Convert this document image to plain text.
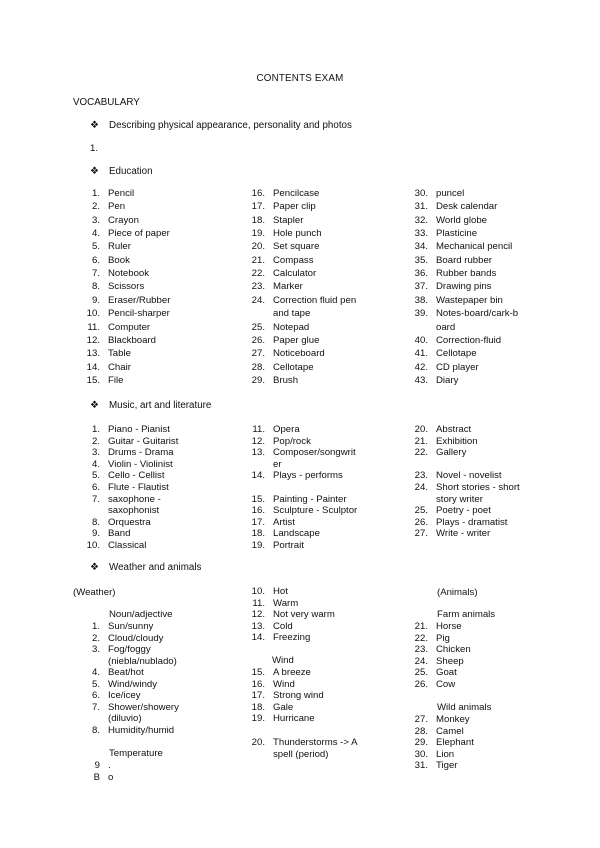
CONTENTS EXAM
VOCABULARY
❖ Describing physical appearance, personality and photos
1.
❖ Education
1. Pencil
2. Pen
3. Crayon
4. Piece of paper
5. Ruler
6. Book
7. Notebook
8. Scissors
9. Eraser/Rubber
10. Pencil-sharper
11. Computer
12. Blackboard
13. Table
14. Chair
15. File
16. Pencilcase
17. Paper clip
18. Stapler
19. Hole punch
20. Set square
21. Compass
22. Calculator
23. Marker
24. Correction fluid pen
and tape
25. Notepad
26. Paper glue
27. Noticeboard
28. Cellotape
29. Brush
30. puncel
31. Desk calendar
32. World globe
33. Plasticine
34. Mechanical pencil
35. Board rubber
36. Rubber bands
37. Drawing pins
38. Wastepaper bin
39. Notes-board/cark-b
oard
40. Correction-fluid
41. Cellotape
42. CD player
43. Diary
❖ Music, art and literature
1. Piano - Pianist
2. Guitar - Guitarist
3. Drums - Drama
4. Violin - Violinist
5. Cello - Cellist
6. Flute - Flautist
7. saxophone -
saxophonist
8. Orquestra
9. Band
10. Classical
11. Opera
12. Pop/rock
13. Composer/songwrit
er
14. Plays - performs
15. Painting - Painter
16. Sculpture - Sculptor
17. Artist
18. Landscape
19. Portrait
20. Abstract
21. Exhibition
22. Gallery
23. Novel - novelist
24. Short stories - short
story writer
25. Poetry - poet
26. Plays - dramatist
27. Write - writer
❖ Weather and animals
(Weather)
Noun/adjective
Temperature
Wind
(Animals)
Farm animals
Wild animals
1. Sun/sunny
2. Cloud/cloudy
3. Fog/foggy
(niebla/nublado)
4. Beat/hot
5. Wind/windy
6. Ice/icey
7. Shower/showery
(diluvio)
8. Humidity/humid
9 .
B o
10. Hot
11. Warm
12. Not very warm
13. Cold
14. Freezing
15. A breeze
16. Wind
17. Strong wind
18. Gale
19. Hurricane
20. Thunderstorms -> A
spell (period)
21. Horse
22. Pig
23. Chicken
24. Sheep
25. Goat
26. Cow
27. Monkey
28. Camel
29. Elephant
30. Lion
31. Tiger
